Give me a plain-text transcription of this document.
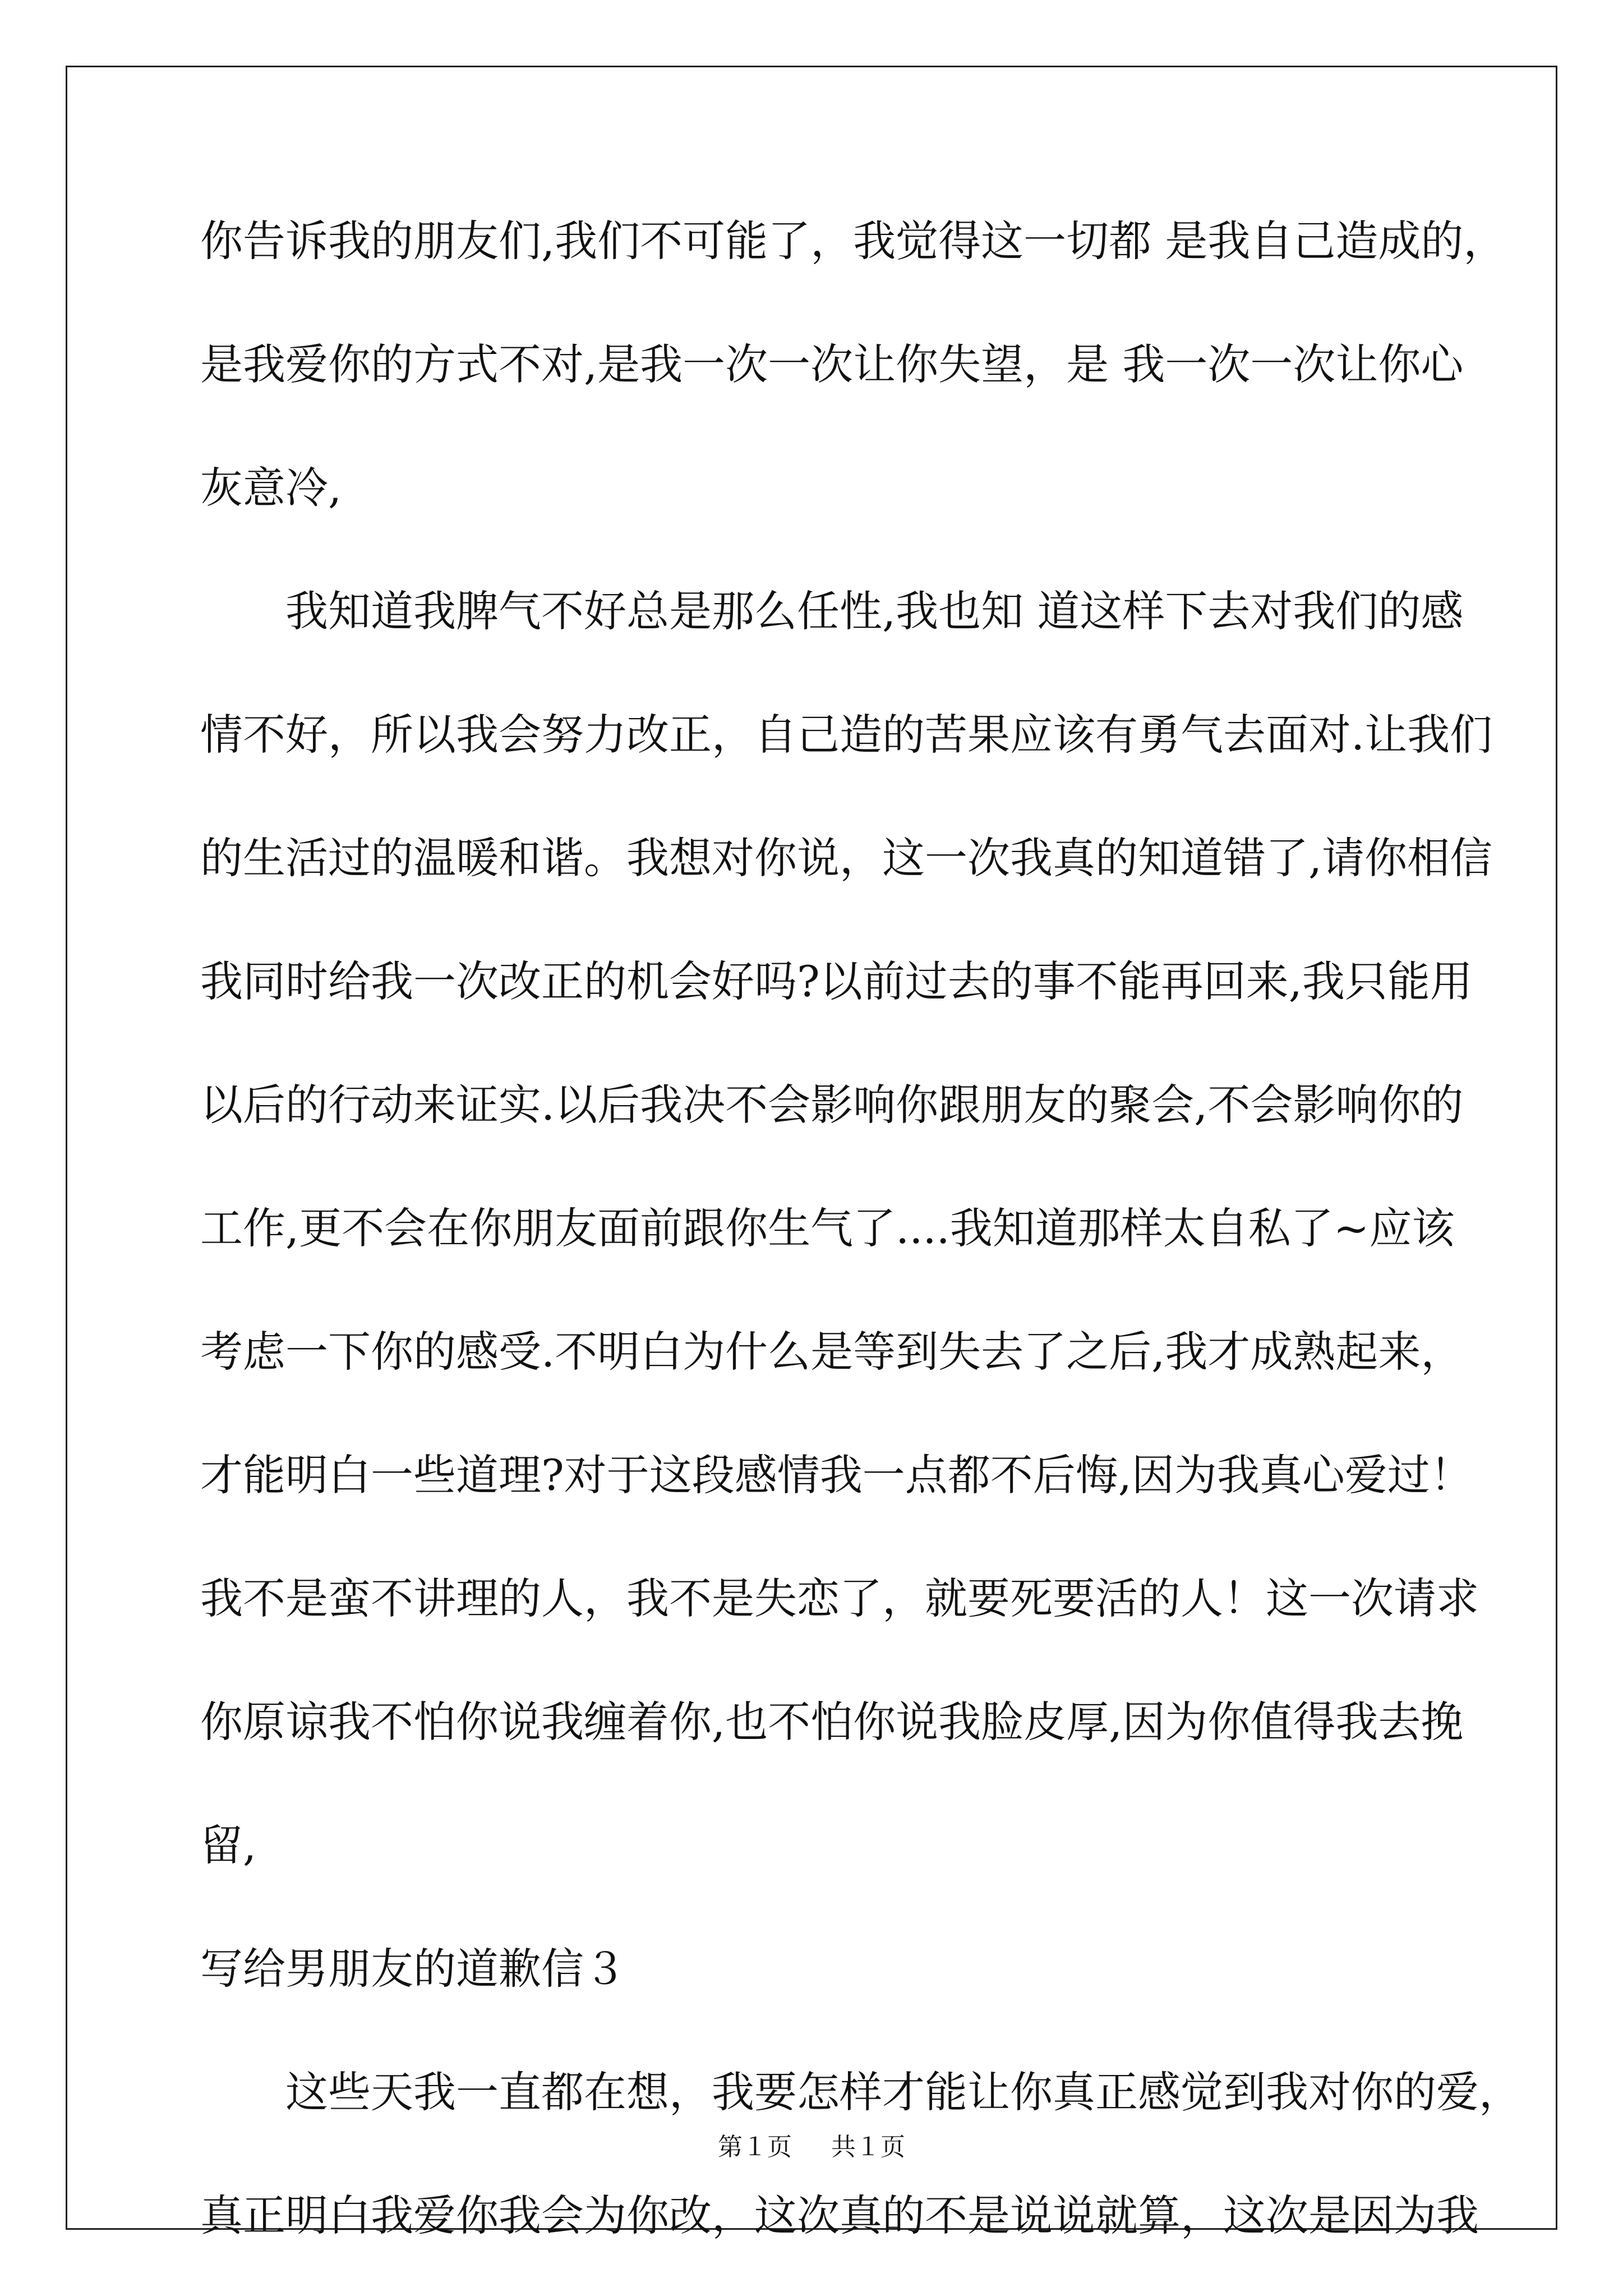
你告诉我的朋友们,我们不可能了，我觉得这一切都 是我自己造成的，
是我爱你的方式不对,是我一次一次让你失望，是 我一次一次让你心
灰意冷,
　　我知道我脾气不好总是那么任性,我也知 道这样下去对我们的感
情不好，所以我会努力改正，自己造的苦果应该有勇气去面对.让我们
的生活过的温暖和谐。我想对你说，这一次我真的知道错了,请你相信
我同时给我一次改正的机会好吗?以前过去的事不能再回来,我只能用
以后的行动来证实.以后我决不会影响你跟朋友的聚会,不会影响你的
工作,更不会在你朋友面前跟你生气了....我知道那样太自私了~应该
考虑一下你的感受.不明白为什么是等到失去了之后,我才成熟起来，
才能明白一些道理?对于这段感情我一点都不后悔,因为我真心爱过！
我不是蛮不讲理的人，我不是失恋了，就要死要活的人！这一次请求
你原谅我不怕你说我缠着你,也不怕你说我脸皮厚,因为你值得我去挽
留,
写给男朋友的道歉信３
　　这些天我一直都在想，我要怎样才能让你真正感觉到我对你的爱，
真正明白我爱你我会为你改，这次真的不是说说就算，这次是因为我
第１页 共１页
